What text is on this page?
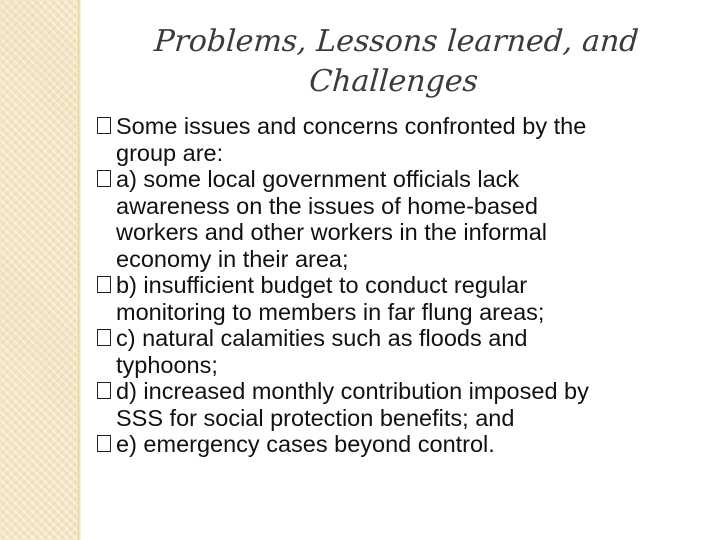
Problems, Lessons learned, and
Challenges
Some issues and concerns confronted by the
group are:
a) some local government officials lack
awareness on the issues of home-based
workers and other workers in the informal
economy in their area;
b) insufficient budget to conduct regular
monitoring to members in far flung areas;
c) natural calamities such as floods and
typhoons;
d) increased monthly contribution imposed by
SSS for social protection benefits; and
e) emergency cases beyond control.
